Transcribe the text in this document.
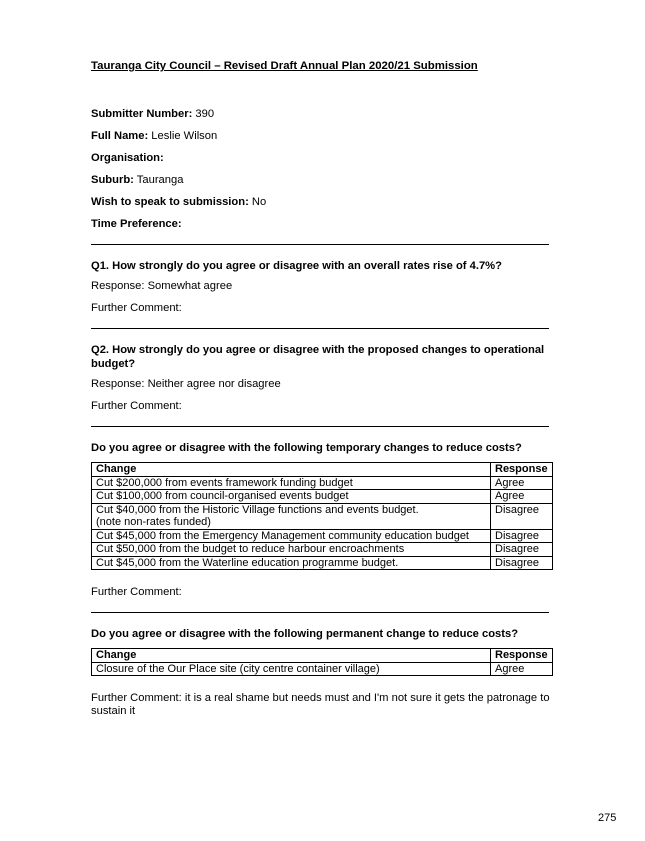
Tauranga City Council – Revised Draft Annual Plan 2020/21 Submission
Submitter Number: 390
Full Name: Leslie Wilson
Organisation:
Suburb: Tauranga
Wish to speak to submission: No
Time Preference:
Q1. How strongly do you agree or disagree with an overall rates rise of 4.7%?
Response: Somewhat agree
Further Comment:
Q2. How strongly do you agree or disagree with the proposed changes to operational budget?
Response: Neither agree nor disagree
Further Comment:
Do you agree or disagree with the following temporary changes to reduce costs?
Change	Response
Cut $200,000 from events framework funding budget	Agree
Cut $100,000 from council-organised events budget	Agree
Cut $40,000 from the Historic Village functions and events budget.
(note non-rates funded)	Disagree
Cut $45,000 from the Emergency Management community education budget	Disagree
Cut $50,000 from the budget to reduce harbour encroachments	Disagree
Cut $45,000 from the Waterline education programme budget.	Disagree
Further Comment:
Do you agree or disagree with the following permanent change to reduce costs?
Change	Response
Closure of the Our Place site (city centre container village)	Agree
Further Comment: it is a real shame but needs must and I'm not sure it gets the patronage to sustain it
275
